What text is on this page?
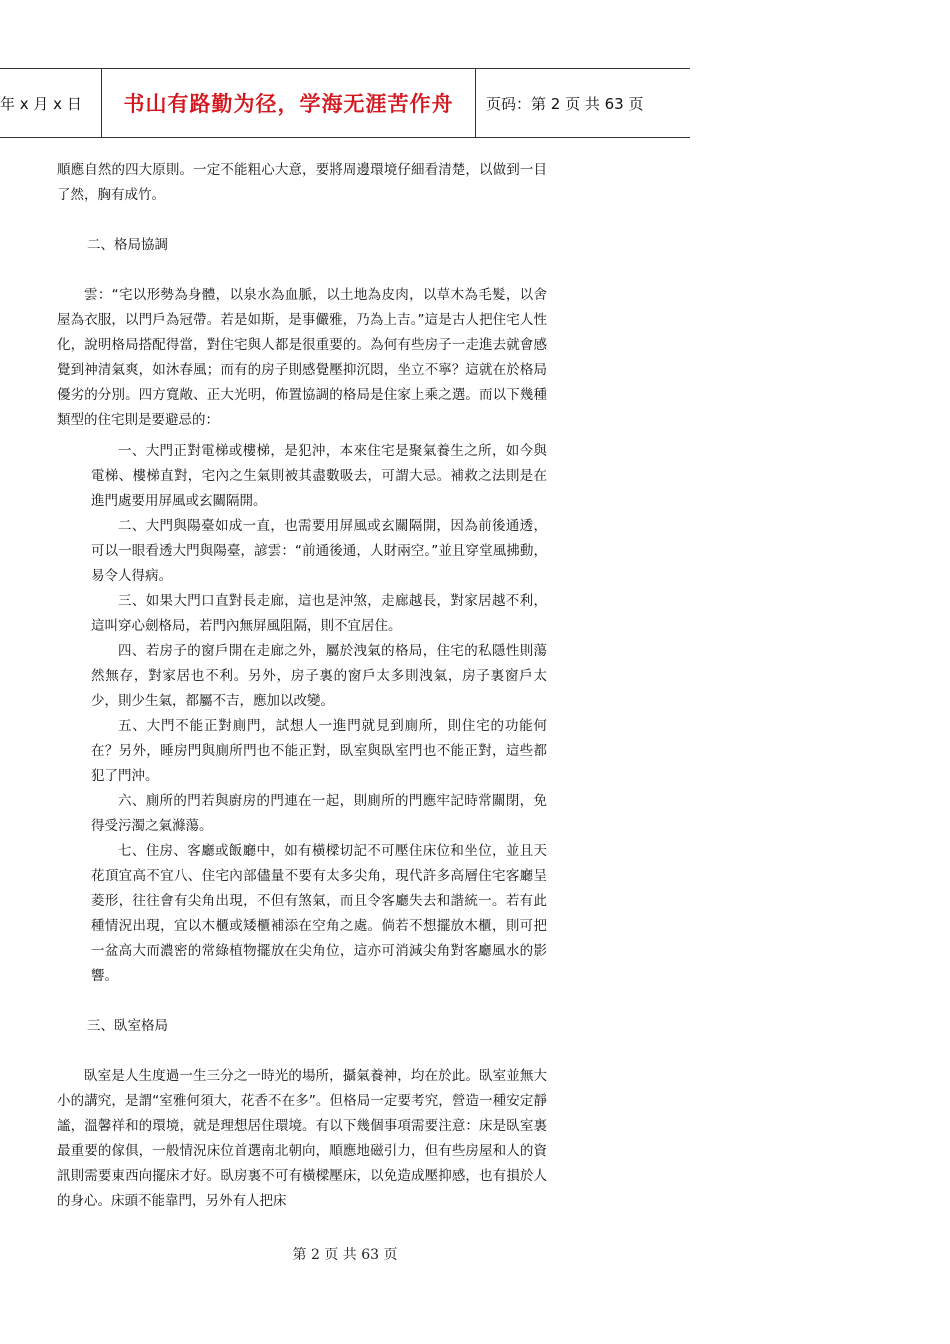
年 x 月 x 日	书山有路勤为径，学海无涯苦作舟	页码：第 2 页 共 63 页

順應自然的四大原則。一定不能粗心大意，要將周邊環境仔細看清楚，以做到一目了然，胸有成竹。

二、格局協調

雲：“宅以形勢為身體，以泉水為血脈，以土地為皮肉，以草木為毛髮，以舍屋為衣服，以門戶為冠帶。若是如斯，是事儼雅，乃為上吉。”這是古人把住宅人性化，說明格局搭配得當，對住宅與人都是很重要的。為何有些房子一走進去就會感覺到神清氣爽，如沐春風；而有的房子則感覺壓抑沉悶，坐立不寧？這就在於格局優劣的分別。四方寬敞、正大光明，佈置協調的格局是住家上乘之選。而以下幾種類型的住宅則是要避忌的：

一、大門正對電梯或樓梯，是犯沖，本來住宅是聚氣養生之所，如今與電梯、樓梯直對，宅內之生氣則被其盡數吸去，可謂大忌。補救之法則是在進門處要用屏風或玄關隔開。

二、大門與陽臺如成一直，也需要用屏風或玄關隔開，因為前後通透，可以一眼看透大門與陽臺，諺雲：“前通後通，人財兩空。”並且穿堂風拂動，易令人得病。

三、如果大門口直對長走廊，這也是沖煞，走廊越長，對家居越不利，這叫穿心劍格局，若門內無屏風阻隔，則不宜居住。

四、若房子的窗戶開在走廊之外，屬於洩氣的格局，住宅的私隱性則蕩然無存，對家居也不利。另外，房子裏的窗戶太多則洩氣，房子裏窗戶太少，則少生氣，都屬不吉，應加以改變。

五、大門不能正對廁門，試想人一進門就見到廁所，則住宅的功能何在？另外，睡房門與廁所門也不能正對，臥室與臥室門也不能正對，這些都犯了門沖。

六、廁所的門若與廚房的門連在一起，則廁所的門應牢記時常關閉，免得受污濁之氣滌蕩。

七、住房、客廳或飯廳中，如有橫樑切記不可壓住床位和坐位，並且天花頂宜高不宜八、住宅內部儘量不要有太多尖角，現代許多高層住宅客廳呈菱形，往往會有尖角出現，不但有煞氣，而且令客廳失去和諧統一。若有此種情況出現，宜以木櫃或矮櫃補添在空角之處。倘若不想擺放木櫃，則可把一盆高大而濃密的常綠植物擺放在尖角位，這亦可消減尖角對客廳風水的影響。

三、臥室格局

臥室是人生度過一生三分之一時光的場所，攝氣養神，均在於此。臥室並無大小的講究，是謂“室雅何須大，花香不在多”。但格局一定要考究，營造一種安定靜謐，溫馨祥和的環境，就是理想居住環境。有以下幾個事項需要注意：床是臥室裏最重要的傢俱，一般情況床位首選南北朝向，順應地磁引力，但有些房屋和人的資訊則需要東西向擺床才好。臥房裏不可有橫樑壓床，以免造成壓抑感，也有損於人的身心。床頭不能靠門，另外有人把床

第 2 页 共 63 页
